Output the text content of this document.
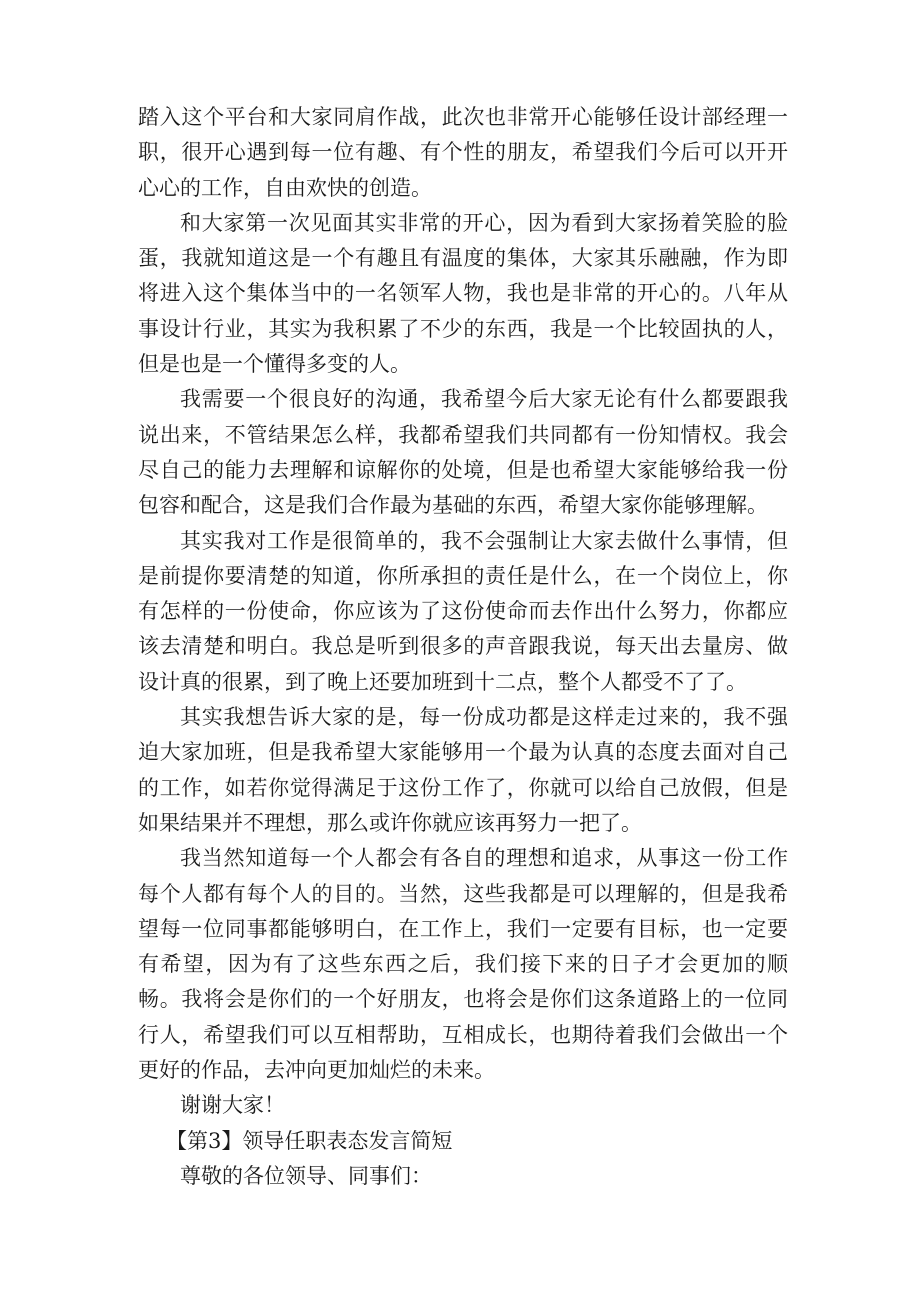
踏入这个平台和大家同肩作战，此次也非常开心能够任设计部经理一职，很开心遇到每一位有趣、有个性的朋友，希望我们今后可以开开心心的工作，自由欢快的创造。

和大家第一次见面其实非常的开心，因为看到大家扬着笑脸的脸蛋，我就知道这是一个有趣且有温度的集体，大家其乐融融，作为即将进入这个集体当中的一名领军人物，我也是非常的开心的。八年从事设计行业，其实为我积累了不少的东西，我是一个比较固执的人，但是也是一个懂得多变的人。

我需要一个很良好的沟通，我希望今后大家无论有什么都要跟我说出来，不管结果怎么样，我都希望我们共同都有一份知情权。我会尽自己的能力去理解和谅解你的处境，但是也希望大家能够给我一份包容和配合，这是我们合作最为基础的东西，希望大家你能够理解。

其实我对工作是很简单的，我不会强制让大家去做什么事情，但是前提你要清楚的知道，你所承担的责任是什么，在一个岗位上，你有怎样的一份使命，你应该为了这份使命而去作出什么努力，你都应该去清楚和明白。我总是听到很多的声音跟我说，每天出去量房、做设计真的很累，到了晚上还要加班到十二点，整个人都受不了了。

其实我想告诉大家的是，每一份成功都是这样走过来的，我不强迫大家加班，但是我希望大家能够用一个最为认真的态度去面对自己的工作，如若你觉得满足于这份工作了，你就可以给自己放假，但是如果结果并不理想，那么或许你就应该再努力一把了。

我当然知道每一个人都会有各自的理想和追求，从事这一份工作每个人都有每个人的目的。当然，这些我都是可以理解的，但是我希望每一位同事都能够明白，在工作上，我们一定要有目标，也一定要有希望，因为有了这些东西之后，我们接下来的日子才会更加的顺畅。我将会是你们的一个好朋友，也将会是你们这条道路上的一位同行人，希望我们可以互相帮助，互相成长，也期待着我们会做出一个更好的作品，去冲向更加灿烂的未来。

谢谢大家！

【第3】领导任职表态发言简短

尊敬的各位领导、同事们：
